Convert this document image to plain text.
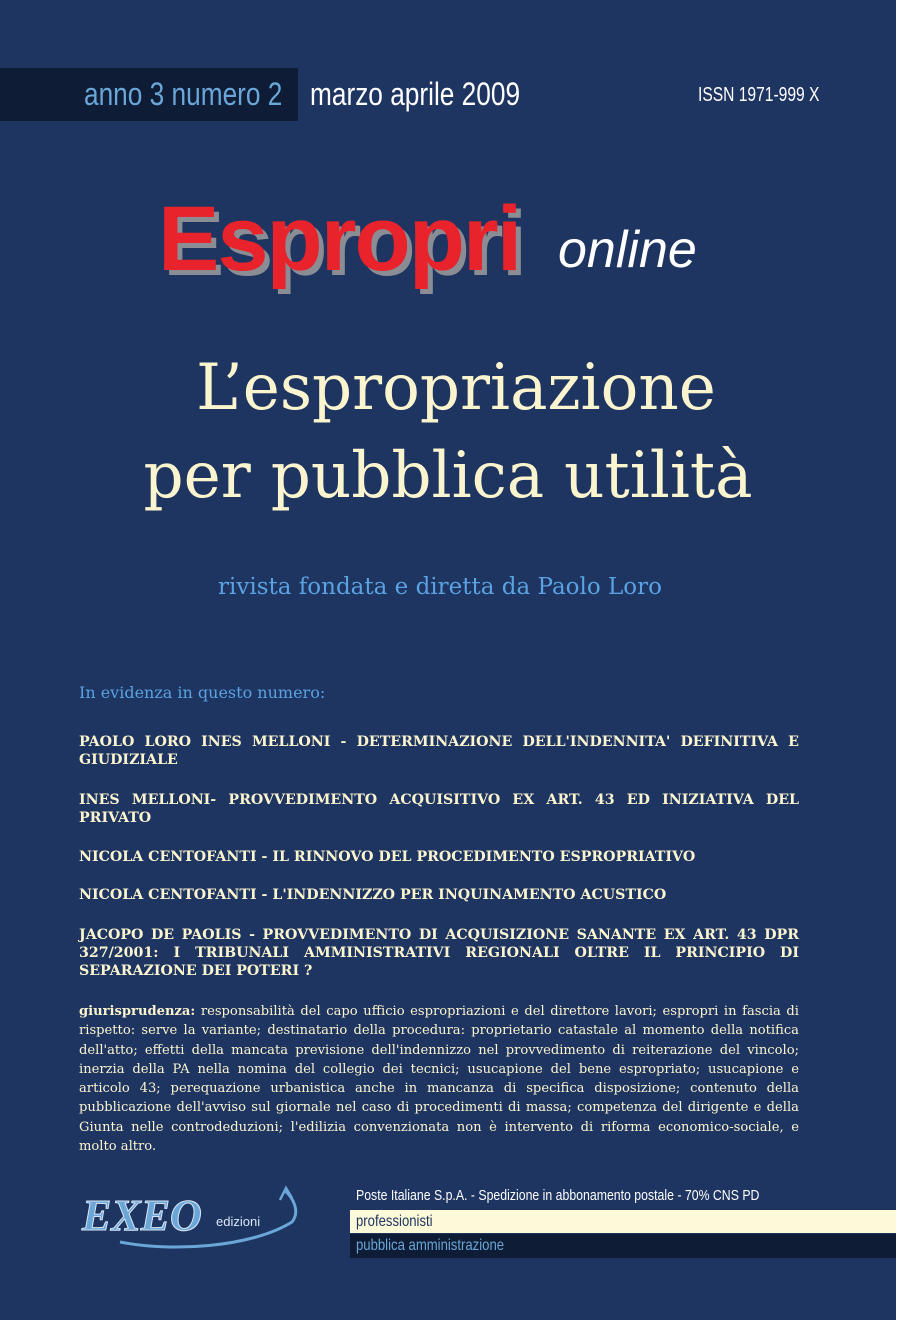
anno 3 numero 2 marzo aprile 2009	ISSN 1971-999 X
Espropri online
L’espropriazione
per pubblica utilità
rivista fondata e diretta da Paolo Loro
In evidenza in questo numero:
PAOLO LORO INES MELLONI - DETERMINAZIONE DELL'INDENNITA' DEFINITIVA E GIUDIZIALE
INES MELLONI- PROVVEDIMENTO ACQUISITIVO EX ART. 43 ED INIZIATIVA DEL PRIVATO
NICOLA CENTOFANTI - IL RINNOVO DEL PROCEDIMENTO ESPROPRIATIVO
NICOLA CENTOFANTI - L'INDENNIZZO PER INQUINAMENTO ACUSTICO
JACOPO DE PAOLIS - PROVVEDIMENTO DI ACQUISIZIONE SANANTE EX ART. 43 DPR 327/2001: I TRIBUNALI AMMINISTRATIVI REGIONALI OLTRE IL PRINCIPIO DI SEPARAZIONE DEI POTERI ?
giurisprudenza: responsabilità del capo ufficio espropriazioni e del direttore lavori; espropri in fascia di rispetto: serve la variante; destinatario della procedura: proprietario catastale al momento della notifica dell'atto; effetti della mancata previsione dell'indennizzo nel provvedimento di reiterazione del vincolo; inerzia della PA nella nomina del collegio dei tecnici; usucapione del bene espropriato; usucapione e articolo 43; perequazione urbanistica anche in mancanza di specifica disposizione; contenuto della pubblicazione dell'avviso sul giornale nel caso di procedimenti di massa; competenza del dirigente e della Giunta nelle controdeduzioni; l'edilizia convenzionata non è intervento di riforma economico-sociale, e molto altro.
EXEO edizioni
Poste Italiane S.p.A. - Spedizione in abbonamento postale - 70% CNS PD
professionisti
pubblica amministrazione
